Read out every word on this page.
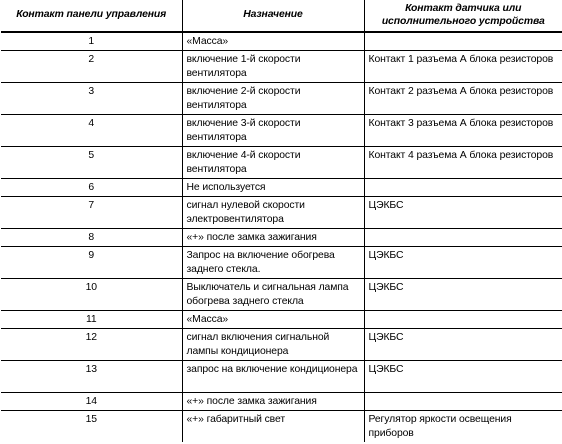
Контакт панели управления	Назначение	Контакт датчика или исполнительного устройства
1	«Масса»	
2	включение 1-й скорости вентилятора	Контакт 1 разъема А блока резисторов
3	включение 2-й скорости вентилятора	Контакт 2 разъема А блока резисторов
4	включение 3-й скорости вентилятора	Контакт 3 разъема А блока резисторов
5	включение 4-й скорости вентилятора	Контакт 4 разъема А блока резисторов
6	Не используется	
7	сигнал нулевой скорости электровентилятора	ЦЭКБС
8	«+» после замка зажигания	
9	Запрос на включение обогрева заднего стекла.	ЦЭКБС
10	Выключатель и сигнальная лампа обогрева заднего стекла	ЦЭКБС
11	«Масса»	
12	сигнал включения сигнальной лампы кондиционера	ЦЭКБС
13	запрос на включение кондиционера	ЦЭКБС
14	«+» после замка зажигания	
15	«+» габаритный свет	Регулятор яркости освещения приборов
